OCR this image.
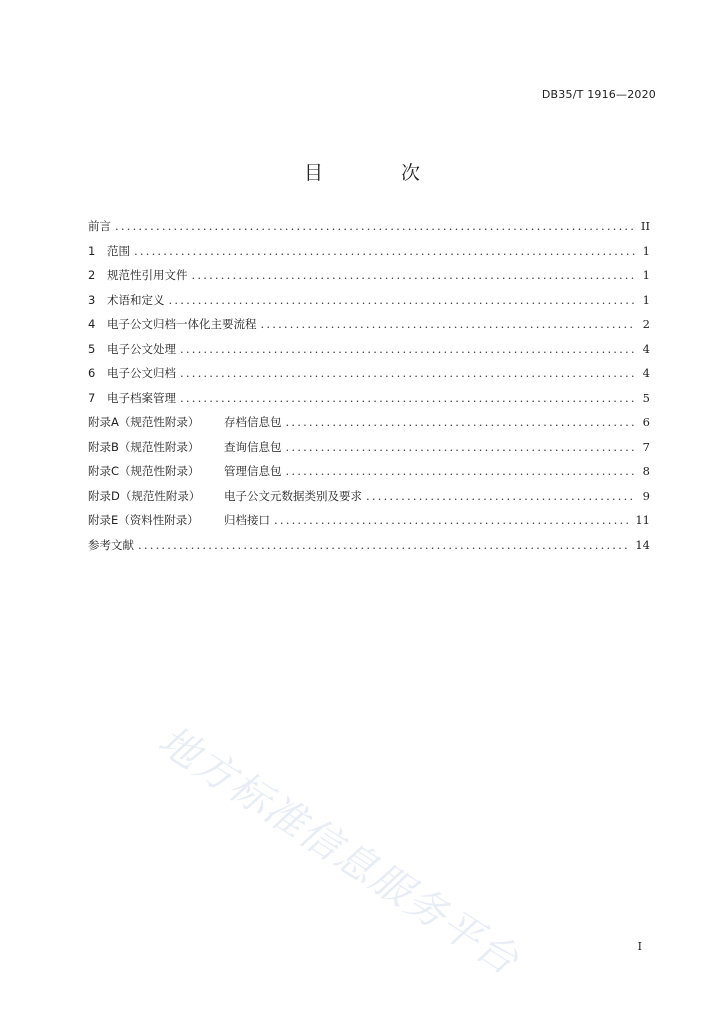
DB35/T 1916—2020
目 次
前言 .....	II
1	范围 .....	1
2	规范性引用文件 .....	1
3	术语和定义 .....	1
4	电子公文归档一体化主要流程 .....	2
5	电子公文处理 .....	4
6	电子公文归档 .....	4
7	电子档案管理 .....	5
附录A（规范性附录）	存档信息包 .....	6
附录B（规范性附录）	查询信息包 .....	7
附录C（规范性附录）	管理信息包 .....	8
附录D（规范性附录）	电子公文元数据类别及要求 .....	9
附录E（资料性附录）	归档接口 .....	11
参考文献 .....	14
地方标准信息服务平台	I
